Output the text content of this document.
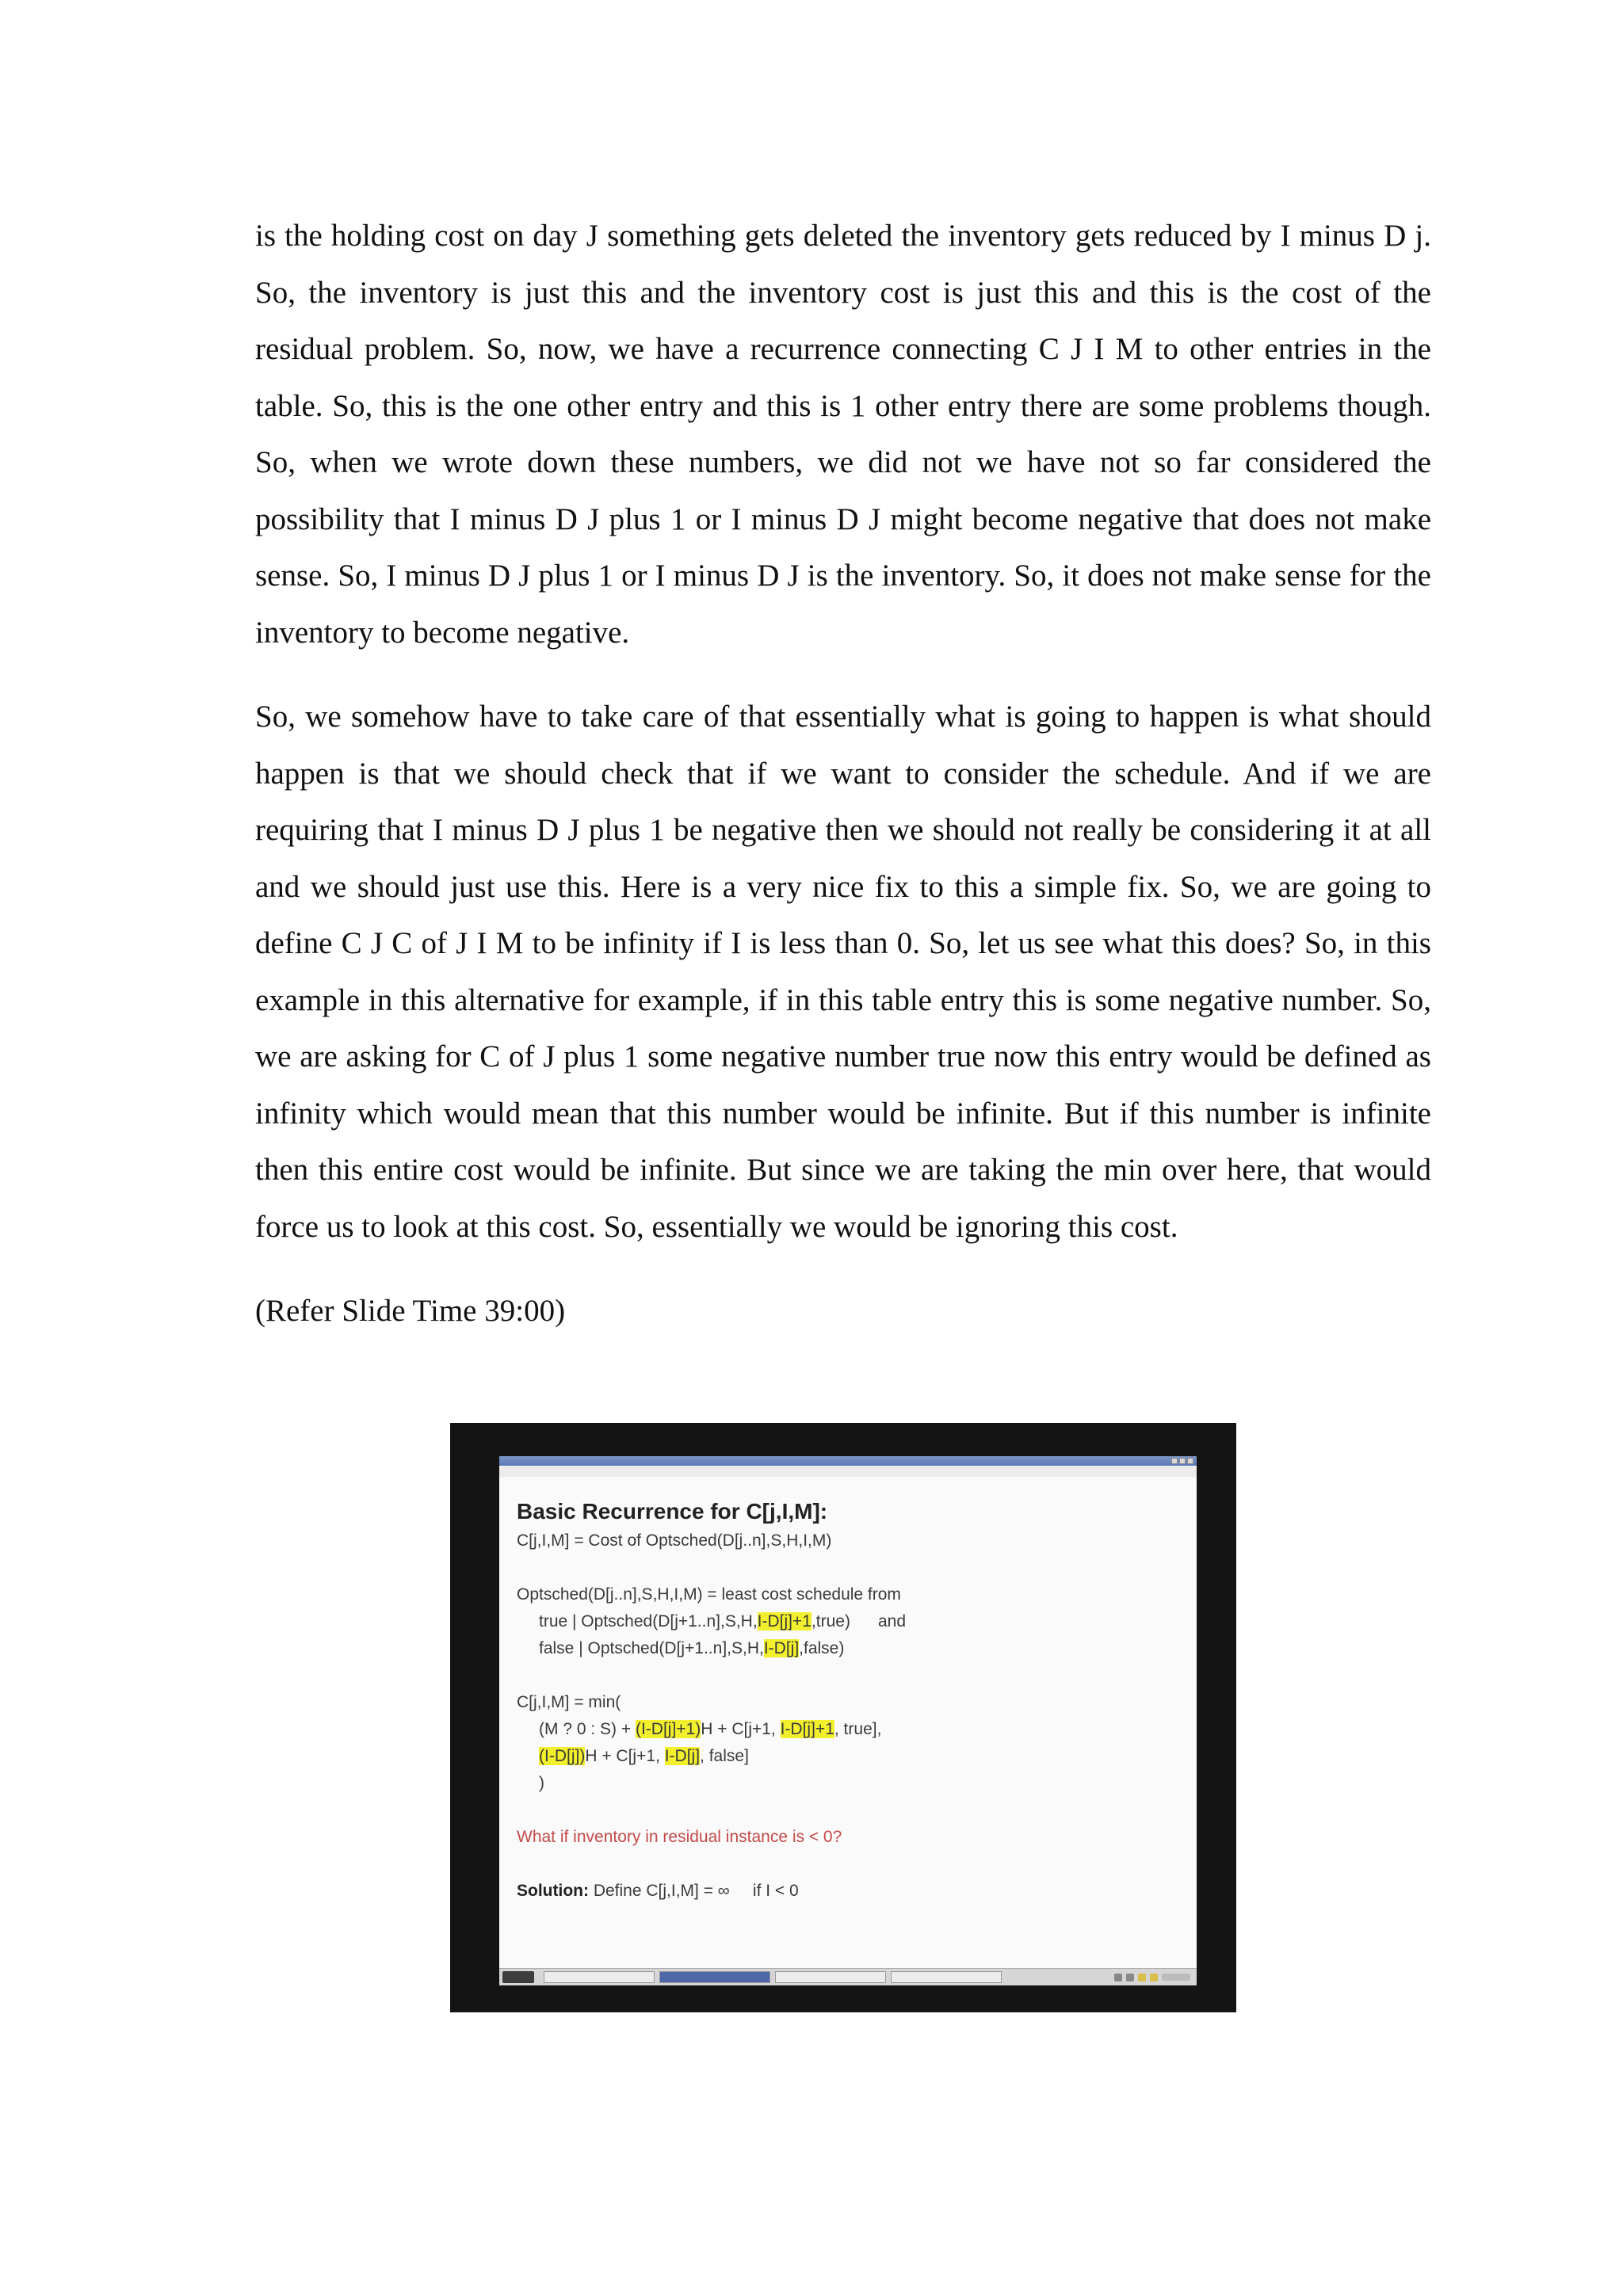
is the holding cost on day J something gets deleted the inventory gets reduced by I minus D j. So, the inventory is just this and the inventory cost is just this and this is the cost of the residual problem. So, now, we have a recurrence connecting C J I M to other entries in the table. So, this is the one other entry and this is 1 other entry there are some problems though. So, when we wrote down these numbers, we did not we have not so far considered the possibility that I minus D J plus 1 or I minus D J might become negative that does not make sense. So, I minus D J plus 1 or I minus D J is the inventory. So, it does not make sense for the inventory to become negative.

So, we somehow have to take care of that essentially what is going to happen is what should happen is that we should check that if we want to consider the schedule. And if we are requiring that I minus D J plus 1 be negative then we should not really be considering it at all and we should just use this. Here is a very nice fix to this a simple fix. So, we are going to define C J C of J I M to be infinity if I is less than 0. So, let us see what this does? So, in this example in this alternative for example, if in this table entry this is some negative number. So, we are asking for C of J plus 1 some negative number true now this entry would be defined as infinity which would mean that this number would be infinite. But if this number is infinite then this entire cost would be infinite. But since we are taking the min over here, that would force us to look at this cost. So, essentially we would be ignoring this cost.

(Refer Slide Time 39:00)

Basic Recurrence for C[j,I,M]:
C[j,I,M] = Cost of Optsched(D[j..n],S,H,I,M)
Optsched(D[j..n],S,H,I,M) = least cost schedule from
true | Optsched(D[j+1..n],S,H,I-D[j]+1,true)      and
false | Optsched(D[j+1..n],S,H,I-D[j],false)
C[j,I,M] = min(
(M ? 0 : S) + (I-D[j]+1)H + C[j+1, I-D[j]+1, true],
(I-D[j])H + C[j+1, I-D[j], false]
)
What if inventory in residual instance is < 0?
Solution: Define C[j,I,M] = ∞     if I < 0
